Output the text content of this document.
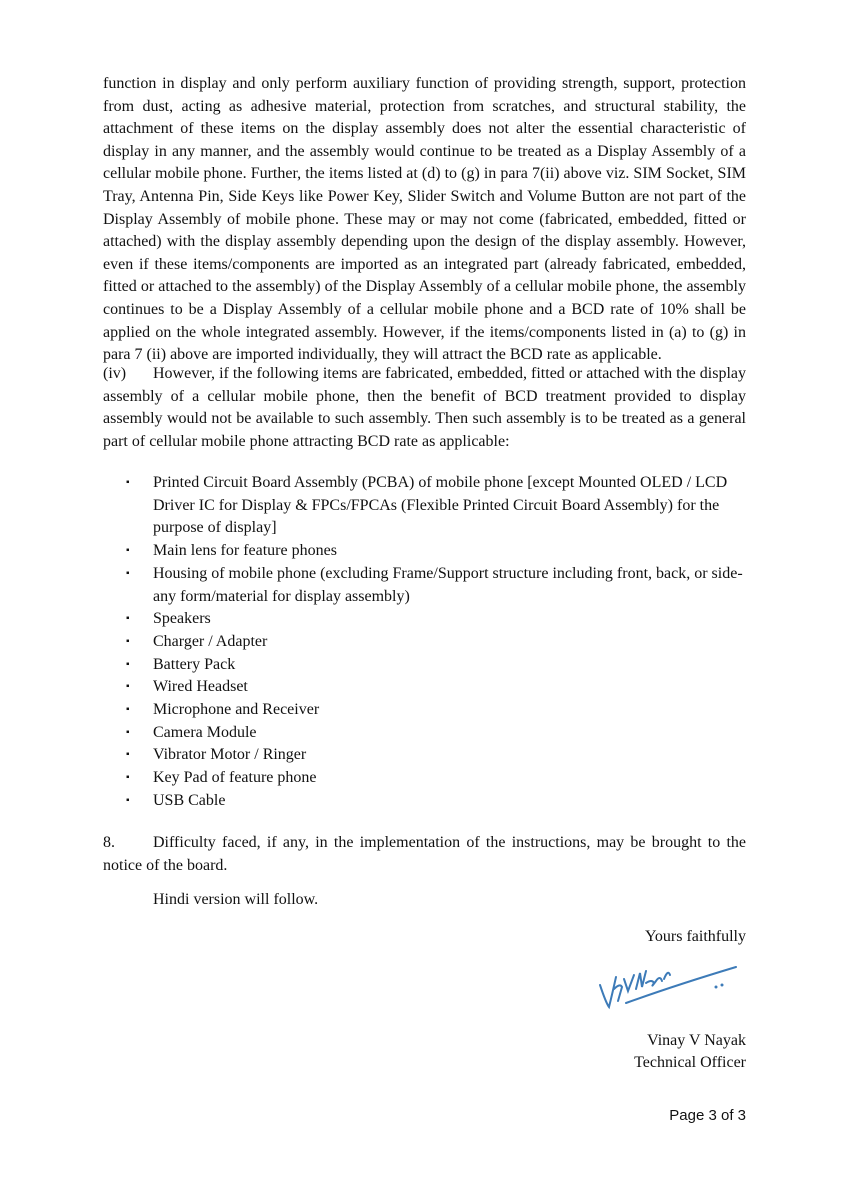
function in display and only perform auxiliary function of providing strength, support, protection from dust, acting as adhesive material, protection from scratches, and structural stability, the attachment of these items on the display assembly does not alter the essential characteristic of display in any manner, and the assembly would continue to be treated as a Display Assembly of a cellular mobile phone. Further, the items listed at (d) to (g) in para 7(ii) above viz. SIM Socket, SIM Tray, Antenna Pin, Side Keys like Power Key, Slider Switch and Volume Button are not part of the Display Assembly of mobile phone. These may or may not come (fabricated, embedded, fitted or attached) with the display assembly depending upon the design of the display assembly. However, even if these items/components are imported as an integrated part (already fabricated, embedded, fitted or attached to the assembly) of the Display Assembly of a cellular mobile phone, the assembly continues to be a Display Assembly of a cellular mobile phone and a BCD rate of 10% shall be applied on the whole integrated assembly. However, if the items/components listed in (a) to (g) in para 7 (ii) above are imported individually, they will attract the BCD rate as applicable.
(iv) However, if the following items are fabricated, embedded, fitted or attached with the display assembly of a cellular mobile phone, then the benefit of BCD treatment provided to display assembly would not be available to such assembly. Then such assembly is to be treated as a general part of cellular mobile phone attracting BCD rate as applicable:
▪ Printed Circuit Board Assembly (PCBA) of mobile phone [except Mounted OLED / LCD Driver IC for Display & FPCs/FPCAs (Flexible Printed Circuit Board Assembly) for the purpose of display]
▪ Main lens for feature phones
▪ Housing of mobile phone (excluding Frame/Support structure including front, back, or side- any form/material for display assembly)
▪ Speakers
▪ Charger / Adapter
▪ Battery Pack
▪ Wired Headset
▪ Microphone and Receiver
▪ Camera Module
▪ Vibrator Motor / Ringer
▪ Key Pad of feature phone
▪ USB Cable
8. Difficulty faced, if any, in the implementation of the instructions, may be brought to the notice of the board.
Hindi version will follow.
Yours faithfully
Vinay V Nayak
Technical Officer
Page 3 of 3
